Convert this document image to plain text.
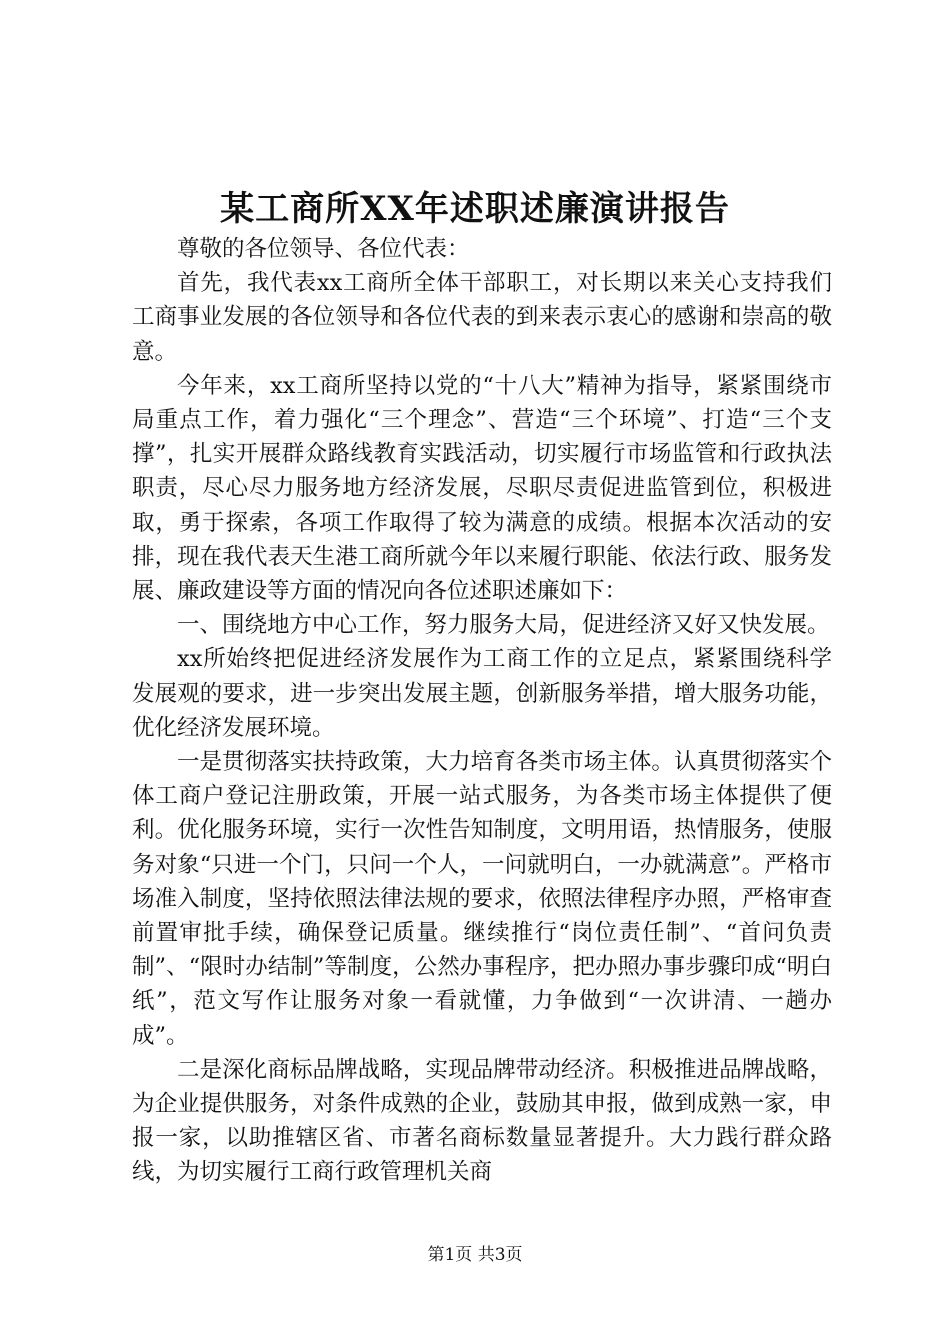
某工商所XX年述职述廉演讲报告

尊敬的各位领导、各位代表：

首先，我代表xx工商所全体干部职工，对长期以来关心支持我们工商事业发展的各位领导和各位代表的到来表示衷心的感谢和崇高的敬意。

今年来，xx工商所坚持以党的“十八大”精神为指导，紧紧围绕市局重点工作，着力强化“三个理念”、营造“三个环境”、打造“三个支撑”，扎实开展群众路线教育实践活动，切实履行市场监管和行政执法职责，尽心尽力服务地方经济发展，尽职尽责促进监管到位，积极进取，勇于探索，各项工作取得了较为满意的成绩。根据本次活动的安排，现在我代表天生港工商所就今年以来履行职能、依法行政、服务发展、廉政建设等方面的情况向各位述职述廉如下：

一、围绕地方中心工作，努力服务大局，促进经济又好又快发展。

xx所始终把促进经济发展作为工商工作的立足点，紧紧围绕科学发展观的要求，进一步突出发展主题，创新服务举措，增大服务功能，优化经济发展环境。

一是贯彻落实扶持政策，大力培育各类市场主体。认真贯彻落实个体工商户登记注册政策，开展一站式服务，为各类市场主体提供了便利。优化服务环境，实行一次性告知制度，文明用语，热情服务，使服务对象“只进一个门，只问一个人，一问就明白，一办就满意”。严格市场准入制度，坚持依照法律法规的要求，依照法律程序办照，严格审查前置审批手续，确保登记质量。继续推行“岗位责任制”、“首问负责制”、“限时办结制”等制度，公然办事程序，把办照办事步骤印成“明白纸”，范文写作让服务对象一看就懂，力争做到“一次讲清、一趟办成”。

二是深化商标品牌战略，实现品牌带动经济。积极推进品牌战略，为企业提供服务，对条件成熟的企业，鼓励其申报，做到成熟一家，申报一家，以助推辖区省、市著名商标数量显著提升。大力践行群众路线，为切实履行工商行政管理机关商

第1页 共3页
